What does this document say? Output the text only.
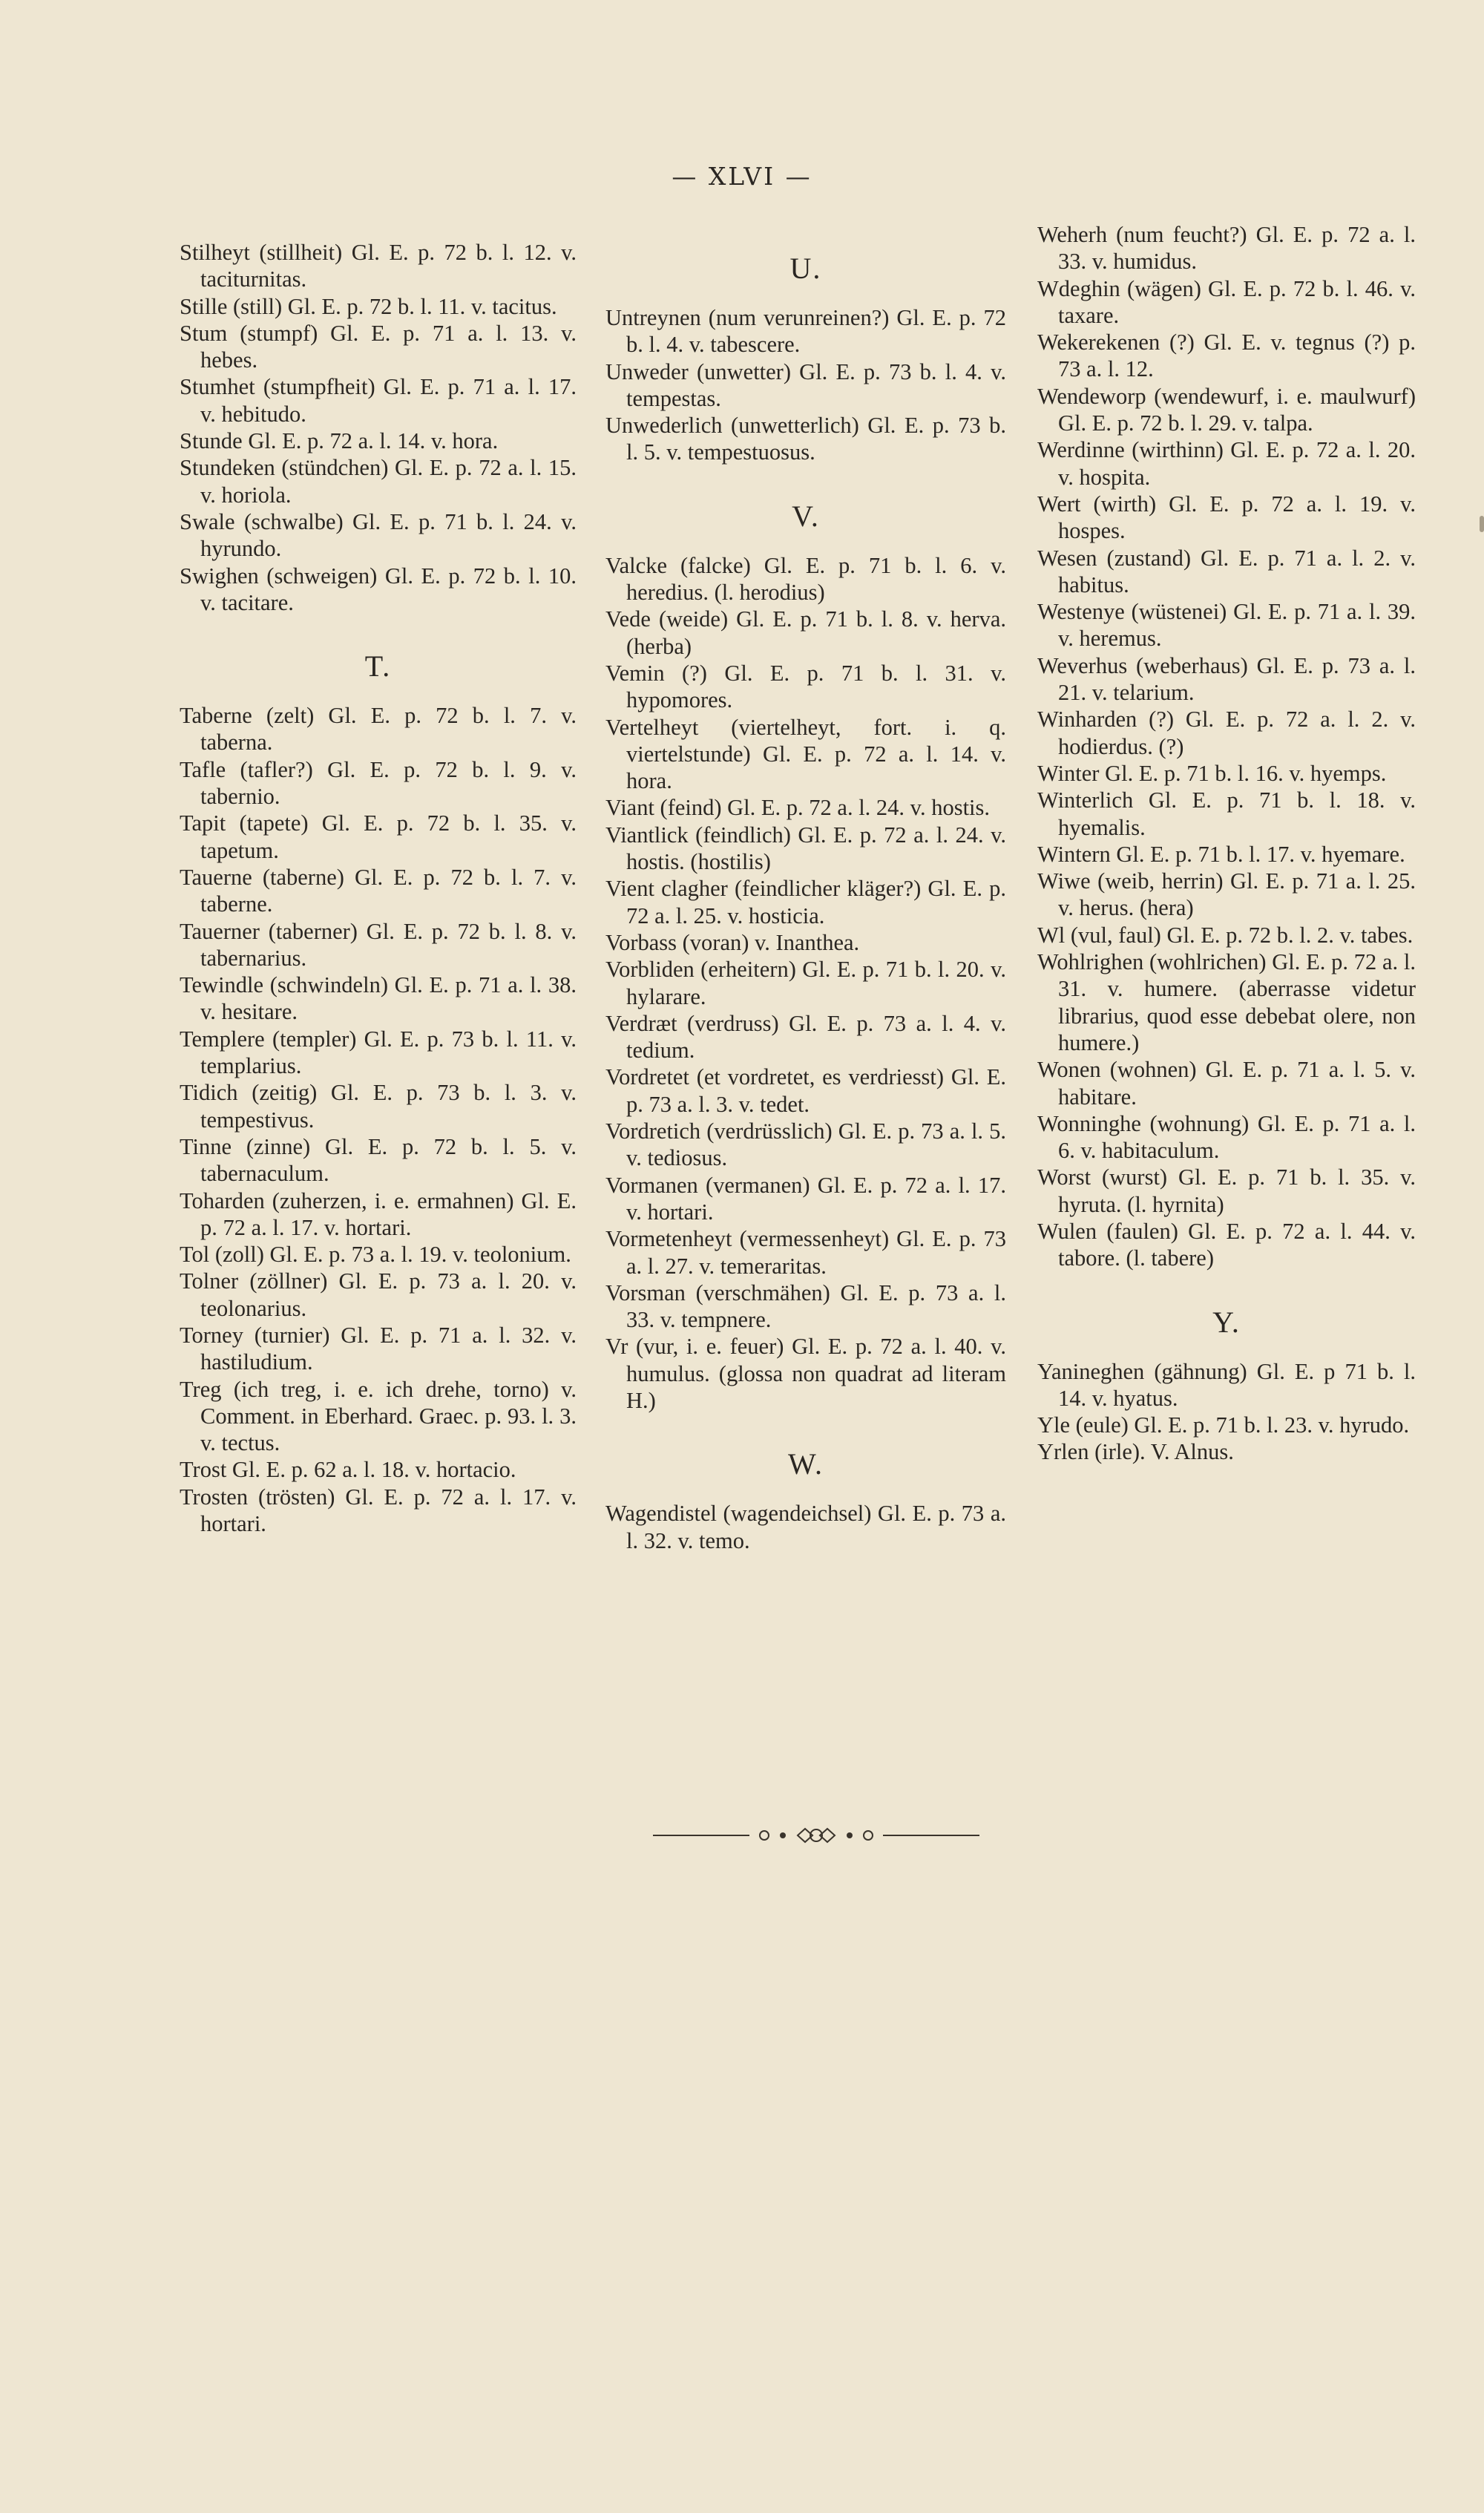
— XLVI —
Stilheyt (stillheit) Gl. E. p. 72 b. l. 12. v. taciturnitas.
Stille (still) Gl. E. p. 72 b. l. 11. v. tacitus.
Stum (stumpf) Gl. E. p. 71 a. l. 13. v. hebes.
Stumhet (stumpfheit) Gl. E. p. 71 a. l. 17. v. hebitudo.
Stunde Gl. E. p. 72 a. l. 14. v. hora.
Stundeken (stündchen) Gl. E. p. 72 a. l. 15. v. horiola.
Swale (schwalbe) Gl. E. p. 71 b. l. 24. v. hyrundo.
Swighen (schweigen) Gl. E. p. 72 b. l. 10. v. tacitare.
T.
Taberne (zelt) Gl. E. p. 72 b. l. 7. v. taberna.
Tafle (tafler?) Gl. E. p. 72 b. l. 9. v. tabernio.
Tapit (tapete) Gl. E. p. 72 b. l. 35. v. tapetum.
Tauerne (taberne) Gl. E. p. 72 b. l. 7. v. taberne.
Tauerner (taberner) Gl. E. p. 72 b. l. 8. v. tabernarius.
Tewindle (schwindeln) Gl. E. p. 71 a. l. 38. v. hesitare.
Templere (templer) Gl. E. p. 73 b. l. 11. v. templarius.
Tidich (zeitig) Gl. E. p. 73 b. l. 3. v. tempestivus.
Tinne (zinne) Gl. E. p. 72 b. l. 5. v. tabernaculum.
Toharden (zuherzen, i. e. ermahnen) Gl. E. p. 72 a. l. 17. v. hortari.
Tol (zoll) Gl. E. p. 73 a. l. 19. v. teolonium.
Tolner (zöllner) Gl. E. p. 73 a. l. 20. v. teolonarius.
Torney (turnier) Gl. E. p. 71 a. l. 32. v. hastiludium.
Treg (ich treg, i. e. ich drehe, torno) v. Comment. in Eberhard. Graec. p. 93. l. 3. v. tectus.
Trost Gl. E. p. 62 a. l. 18. v. hortacio.
Trosten (trösten) Gl. E. p. 72 a. l. 17. v. hortari.
U.
Untreynen (num verunreinen?) Gl. E. p. 72 b. l. 4. v. tabescere.
Unweder (unwetter) Gl. E. p. 73 b. l. 4. v. tempestas.
Unwederlich (unwetterlich) Gl. E. p. 73 b. l. 5. v. tempestuosus.
V.
Valcke (falcke) Gl. E. p. 71 b. l. 6. v. heredius. (l. herodius)
Vede (weide) Gl. E. p. 71 b. l. 8. v. herva. (herba)
Vemin (?) Gl. E. p. 71 b. l. 31. v. hypomores.
Vertelheyt (viertelheyt, fort. i. q. viertelstunde) Gl. E. p. 72 a. l. 14. v. hora.
Viant (feind) Gl. E. p. 72 a. l. 24. v. hostis.
Viantlick (feindlich) Gl. E. p. 72 a. l. 24. v. hostis. (hostilis)
Vient clagher (feindlicher kläger?) Gl. E. p. 72 a. l. 25. v. hosticia.
Vorbass (voran) v. Inanthea.
Vorbliden (erheitern) Gl. E. p. 71 b. l. 20. v. hylarare.
Verdræt (verdruss) Gl. E. p. 73 a. l. 4. v. tedium.
Vordretet (et vordretet, es verdriesst) Gl. E. p. 73 a. l. 3. v. tedet.
Vordretich (verdrüsslich) Gl. E. p. 73 a. l. 5. v. tediosus.
Vormanen (vermanen) Gl. E. p. 72 a. l. 17. v. hortari.
Vormetenheyt (vermessenheyt) Gl. E. p. 73 a. l. 27. v. temeraritas.
Vorsman (verschmähen) Gl. E. p. 73 a. l. 33. v. tempnere.
Vr (vur, i. e. feuer) Gl. E. p. 72 a. l. 40. v. humulus. (glossa non quadrat ad literam H.)
W.
Wagendistel (wagendeichsel) Gl. E. p. 73 a. l. 32. v. temo.
Weherh (num feucht?) Gl. E. p. 72 a. l. 33. v. humidus.
Wdeghin (wägen) Gl. E. p. 72 b. l. 46. v. taxare.
Wekerekenen (?) Gl. E. v. tegnus (?) p. 73 a. l. 12.
Wendeworp (wendewurf, i. e. maulwurf) Gl. E. p. 72 b. l. 29. v. talpa.
Werdinne (wirthinn) Gl. E. p. 72 a. l. 20. v. hospita.
Wert (wirth) Gl. E. p. 72 a. l. 19. v. hospes.
Wesen (zustand) Gl. E. p. 71 a. l. 2. v. habitus.
Westenye (wüstenei) Gl. E. p. 71 a. l. 39. v. heremus.
Weverhus (weberhaus) Gl. E. p. 73 a. l. 21. v. telarium.
Winharden (?) Gl. E. p. 72 a. l. 2. v. hodierdus. (?)
Winter Gl. E. p. 71 b. l. 16. v. hyemps.
Winterlich Gl. E. p. 71 b. l. 18. v. hyemalis.
Wintern Gl. E. p. 71 b. l. 17. v. hyemare.
Wiwe (weib, herrin) Gl. E. p. 71 a. l. 25. v. herus. (hera)
Wl (vul, faul) Gl. E. p. 72 b. l. 2. v. tabes.
Wohlrighen (wohlrichen) Gl. E. p. 72 a. l. 31. v. humere. (aberrasse videtur librarius, quod esse debebat olere, non humere.)
Wonen (wohnen) Gl. E. p. 71 a. l. 5. v. habitare.
Wonninghe (wohnung) Gl. E. p. 71 a. l. 6. v. habitaculum.
Worst (wurst) Gl. E. p. 71 b. l. 35. v. hyruta. (l. hyrnita)
Wulen (faulen) Gl. E. p. 72 a. l. 44. v. tabore. (l. tabere)
Y.
Yanineghen (gähnung) Gl. E. p 71 b. l. 14. v. hyatus.
Yle (eule) Gl. E. p. 71 b. l. 23. v. hyrudo.
Yrlen (irle). V. Alnus.
